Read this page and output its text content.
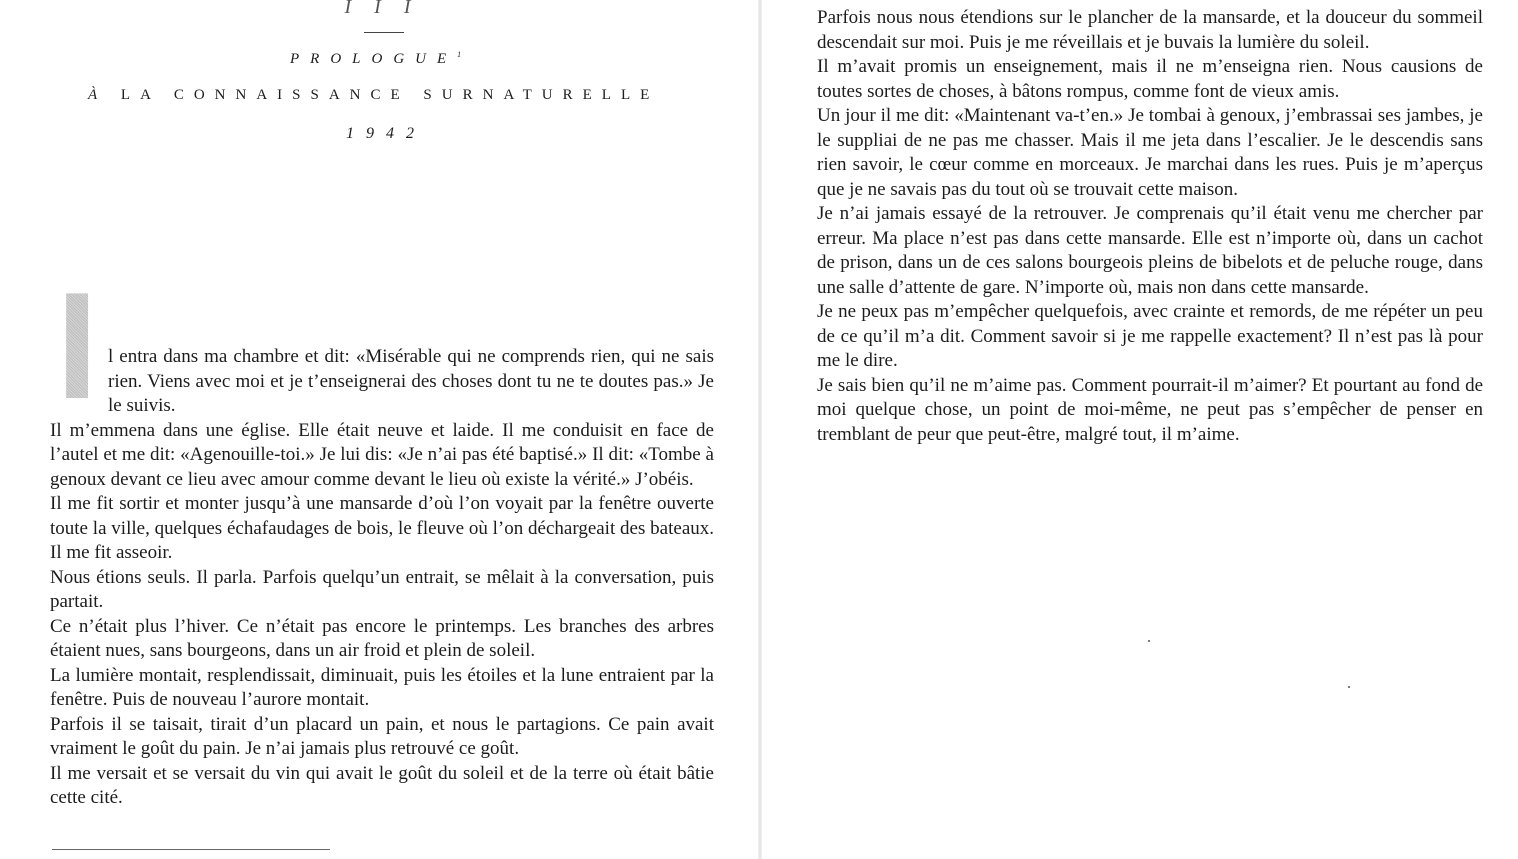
I I I
PROLOGUE$^1$
À LA CONNAISSANCE SURNATURELLE
1942

I l entra dans ma chambre et dit: «Misérable qui ne comprends rien, qui ne sais rien. Viens avec moi et je t’enseignerai des choses dont tu ne te doutes pas.» Je le suivis.

Il m’emmena dans une église. Elle était neuve et laide. Il me conduisit en face de l’autel et me dit: «Agenouille-toi.» Je lui dis: «Je n’ai pas été baptisé.» Il dit: «Tombe à genoux devant ce lieu avec amour comme devant le lieu où existe la vérité.» J’obéis.

Il me fit sortir et monter jusqu’à une mansarde d’où l’on voyait par la fenêtre ouverte toute la ville, quelques échafaudages de bois, le fleuve où l’on déchargeait des bateaux. Il me fit asseoir.

Nous étions seuls. Il parla. Parfois quelqu’un entrait, se mêlait à la conversation, puis partait.

Ce n’était plus l’hiver. Ce n’était pas encore le printemps. Les branches des arbres étaient nues, sans bourgeons, dans un air froid et plein de soleil.

La lumière montait, resplendissait, diminuait, puis les étoiles et la lune entraient par la fenêtre. Puis de nouveau l’aurore montait.

Parfois il se taisait, tirait d’un placard un pain, et nous le partagions. Ce pain avait vraiment le goût du pain. Je n’ai jamais plus retrouvé ce goût.

Il me versait et se versait du vin qui avait le goût du soleil et de la terre où était bâtie cette cité.

Parfois nous nous étendions sur le plancher de la mansarde, et la douceur du sommeil descendait sur moi. Puis je me réveillais et je buvais la lumière du soleil.

Il m’avait promis un enseignement, mais il ne m’enseigna rien. Nous causions de toutes sortes de choses, à bâtons rompus, comme font de vieux amis.

Un jour il me dit: «Maintenant va-t’en.» Je tombai à genoux, j’embrassai ses jambes, je le suppliai de ne pas me chasser. Mais il me jeta dans l’escalier. Je le descendis sans rien savoir, le cœur comme en morceaux. Je marchai dans les rues. Puis je m’aperçus que je ne savais pas du tout où se trouvait cette maison.

Je n’ai jamais essayé de la retrouver. Je comprenais qu’il était venu me chercher par erreur. Ma place n’est pas dans cette mansarde. Elle est n’importe où, dans un cachot de prison, dans un de ces salons bourgeois pleins de bibelots et de peluche rouge, dans une salle d’attente de gare. N’importe où, mais non dans cette mansarde.

Je ne peux pas m’empêcher quelquefois, avec crainte et remords, de me répéter un peu de ce qu’il m’a dit. Comment savoir si je me rappelle exactement? Il n’est pas là pour me le dire.

Je sais bien qu’il ne m’aime pas. Comment pourrait-il m’aimer? Et pourtant au fond de moi quelque chose, un point de moi-même, ne peut pas s’empêcher de penser en tremblant de peur que peut-être, malgré tout, il m’aime.
